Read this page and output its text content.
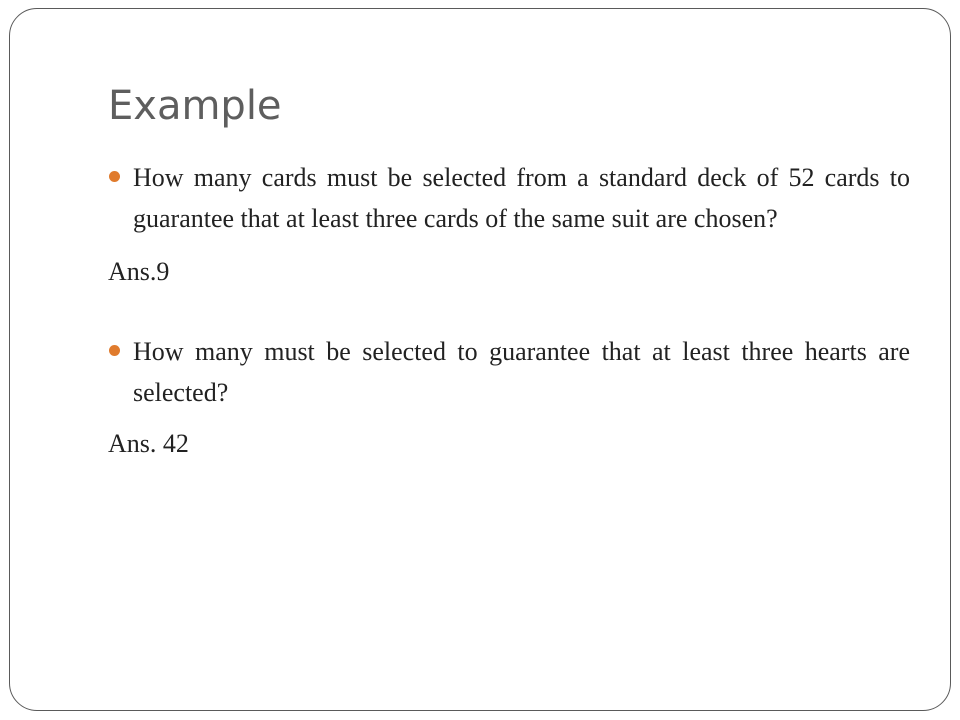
Example

How many cards must be selected from a standard deck of 52 cards to guarantee that at least three cards of the same suit are chosen?

Ans.9

How many must be selected to guarantee that at least three hearts are selected?

Ans. 42
